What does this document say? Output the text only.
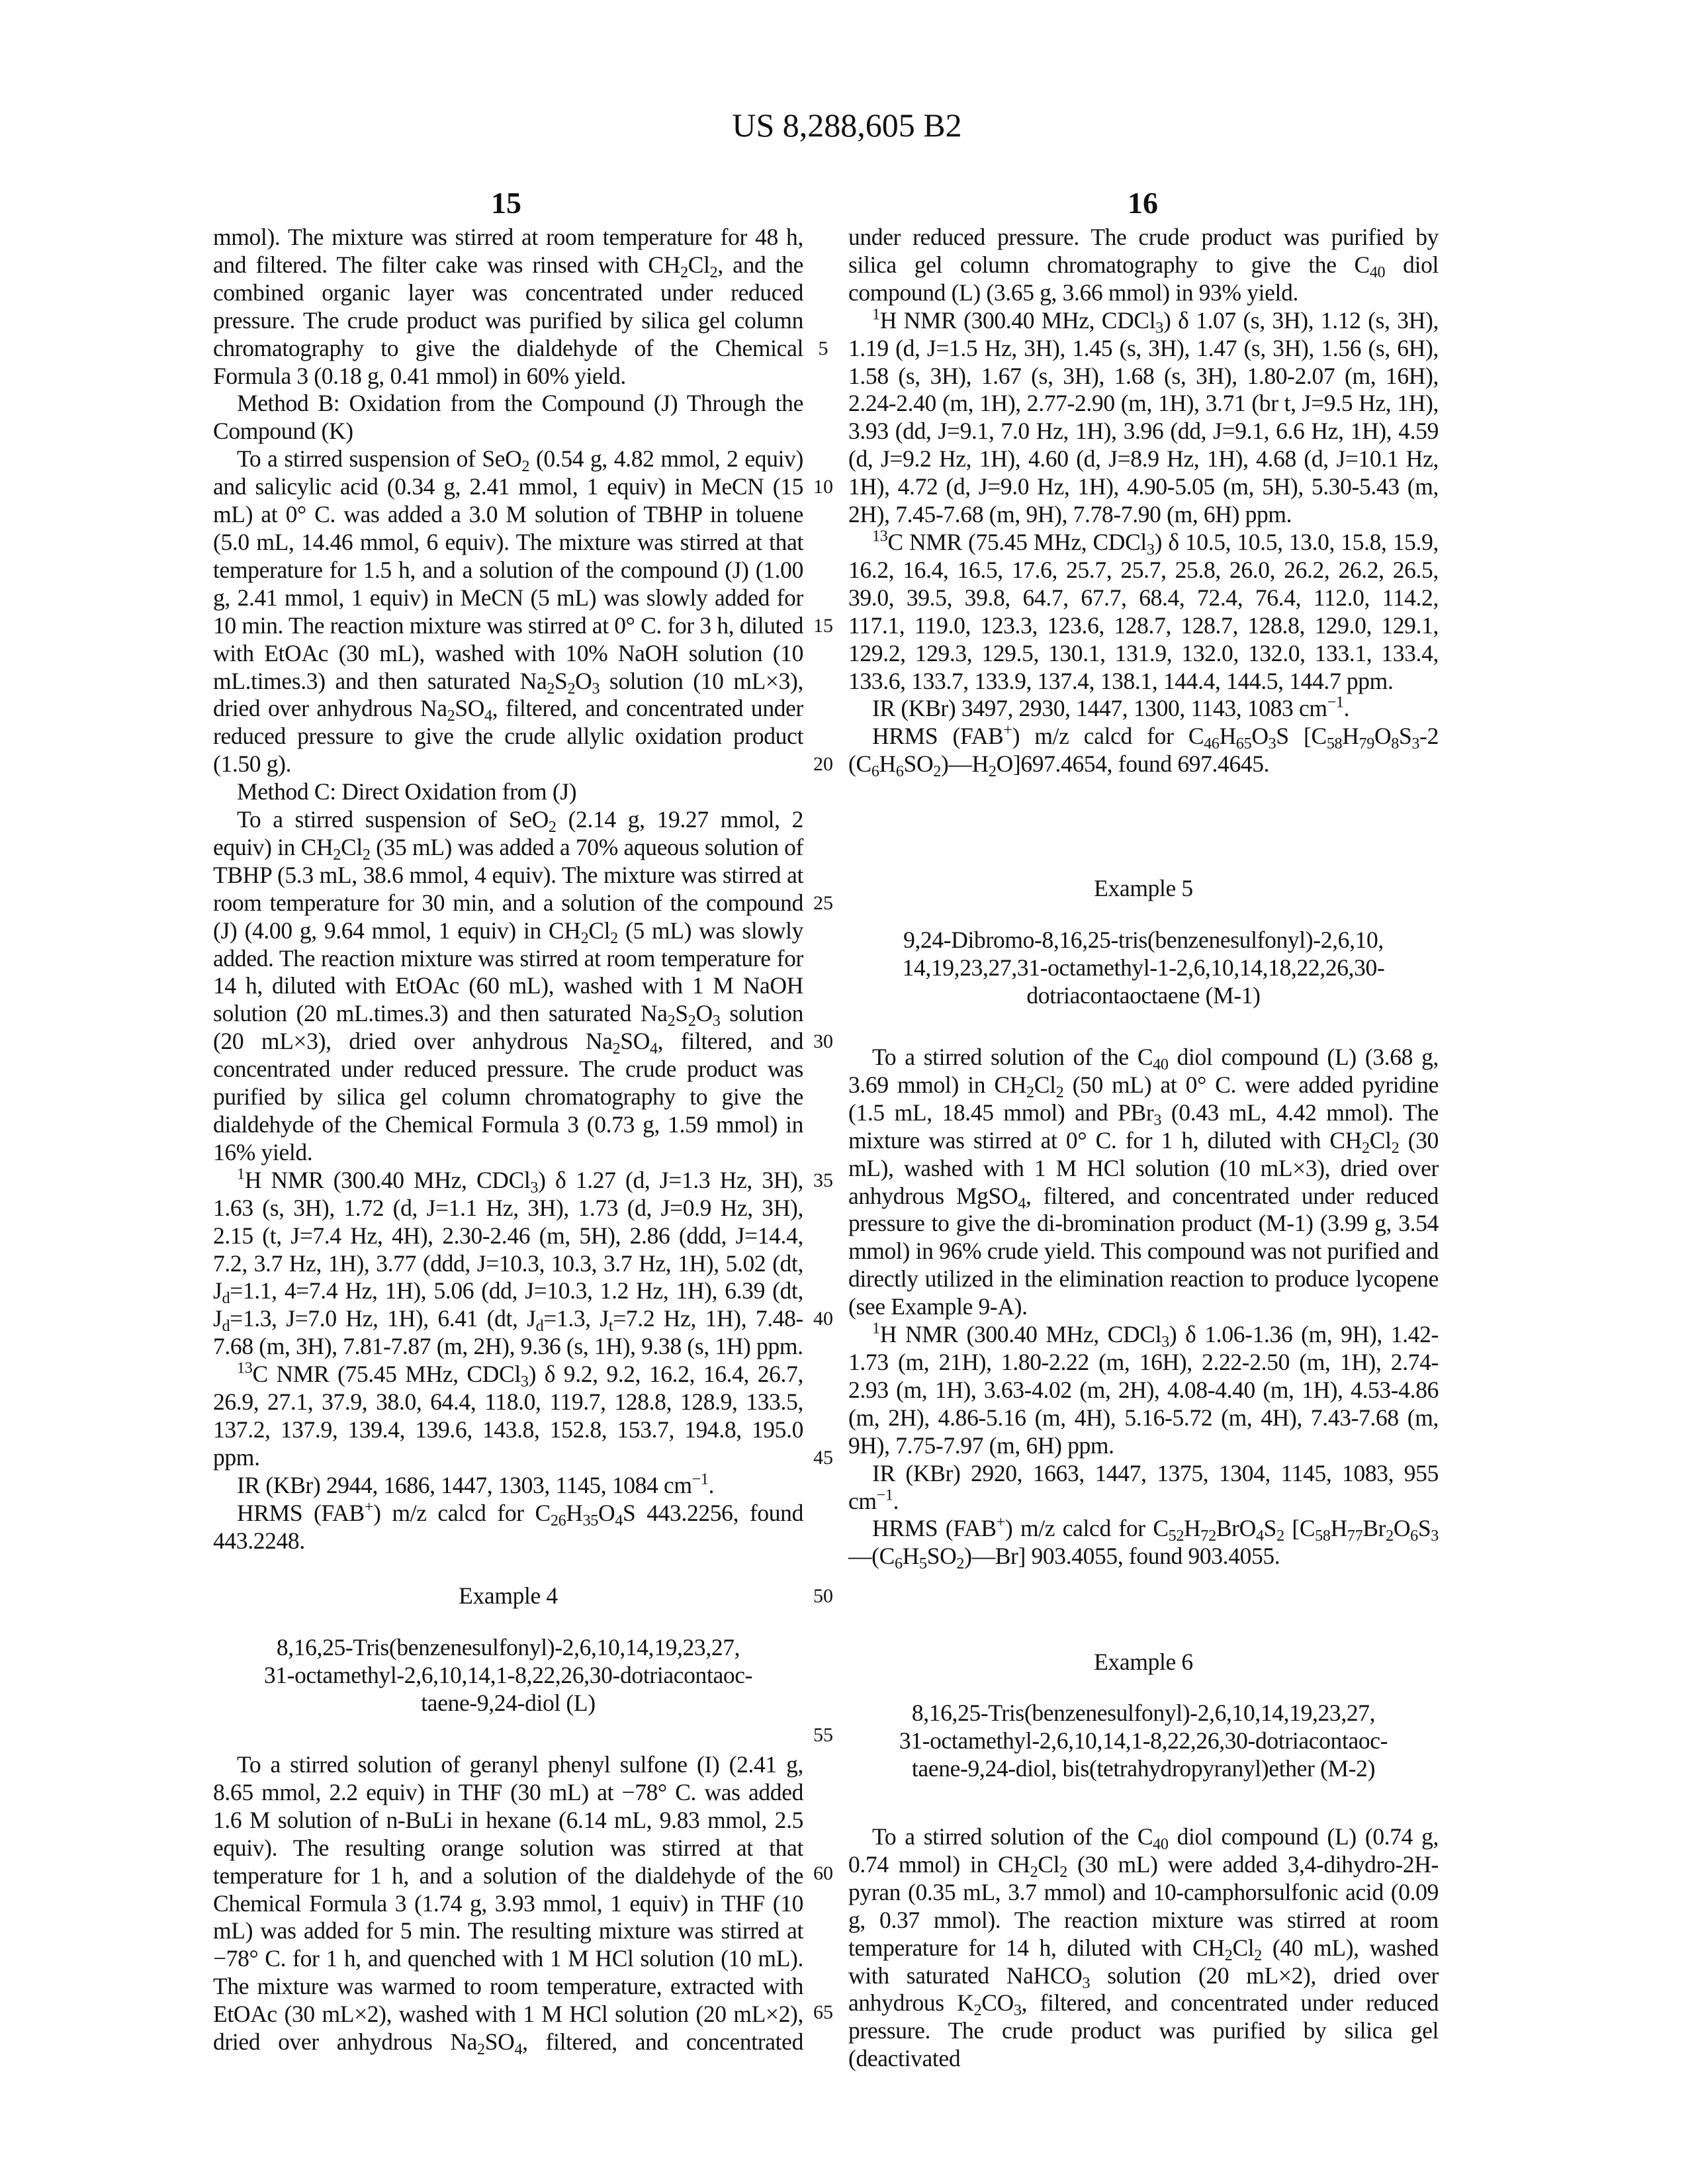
US 8,288,605 B2
15	16
5
10
15
20
25
30
35
40
45
50
55
60
65

mmol). The mixture was stirred at room temperature for 48 h, and filtered. The filter cake was rinsed with CH2Cl2, and the combined organic layer was concentrated under reduced pressure. The crude product was purified by silica gel column chromatography to give the dialdehyde of the Chemical Formula 3 (0.18 g, 0.41 mmol) in 60% yield.

Method B: Oxidation from the Compound (J) Through the Compound (K)

To a stirred suspension of SeO2 (0.54 g, 4.82 mmol, 2 equiv) and salicylic acid (0.34 g, 2.41 mmol, 1 equiv) in MeCN (15 mL) at 0° C. was added a 3.0 M solution of TBHP in toluene (5.0 mL, 14.46 mmol, 6 equiv). The mixture was stirred at that temperature for 1.5 h, and a solution of the compound (J) (1.00 g, 2.41 mmol, 1 equiv) in MeCN (5 mL) was slowly added for 10 min. The reaction mixture was stirred at 0° C. for 3 h, diluted with EtOAc (30 mL), washed with 10% NaOH solution (10 mL.times.3) and then saturated Na2S2O3 solution (10 mL×3), dried over anhydrous Na2SO4, filtered, and concentrated under reduced pressure to give the crude allylic oxidation product (1.50 g).

Method C: Direct Oxidation from (J)

To a stirred suspension of SeO2 (2.14 g, 19.27 mmol, 2 equiv) in CH2Cl2 (35 mL) was added a 70% aqueous solution of TBHP (5.3 mL, 38.6 mmol, 4 equiv). The mixture was stirred at room temperature for 30 min, and a solution of the compound (J) (4.00 g, 9.64 mmol, 1 equiv) in CH2Cl2 (5 mL) was slowly added. The reaction mixture was stirred at room temperature for 14 h, diluted with EtOAc (60 mL), washed with 1 M NaOH solution (20 mL.times.3) and then saturated Na2S2O3 solution (20 mL×3), dried over anhydrous Na2SO4, filtered, and concentrated under reduced pressure. The crude product was purified by silica gel column chromatography to give the dialdehyde of the Chemical Formula 3 (0.73 g, 1.59 mmol) in 16% yield.

1H NMR (300.40 MHz, CDCl3) δ 1.27 (d, J=1.3 Hz, 3H), 1.63 (s, 3H), 1.72 (d, J=1.1 Hz, 3H), 1.73 (d, J=0.9 Hz, 3H), 2.15 (t, J=7.4 Hz, 4H), 2.30-2.46 (m, 5H), 2.86 (ddd, J=14.4, 7.2, 3.7 Hz, 1H), 3.77 (ddd, J=10.3, 10.3, 3.7 Hz, 1H), 5.02 (dt, Jd=1.1, 4=7.4 Hz, 1H), 5.06 (dd, J=10.3, 1.2 Hz, 1H), 6.39 (dt, Jd=1.3, J=7.0 Hz, 1H), 6.41 (dt, Jd=1.3, Jt=7.2 Hz, 1H), 7.48-7.68 (m, 3H), 7.81-7.87 (m, 2H), 9.36 (s, 1H), 9.38 (s, 1H) ppm.

13C NMR (75.45 MHz, CDCl3) δ 9.2, 9.2, 16.2, 16.4, 26.7, 26.9, 27.1, 37.9, 38.0, 64.4, 118.0, 119.7, 128.8, 128.9, 133.5, 137.2, 137.9, 139.4, 139.6, 143.8, 152.8, 153.7, 194.8, 195.0 ppm.

IR (KBr) 2944, 1686, 1447, 1303, 1145, 1084 cm−1.

HRMS (FAB+) m/z calcd for C26H35O4S 443.2256, found 443.2248.

Example 4
8,16,25-Tris(benzenesulfonyl)-2,6,10,14,19,23,27,
31-octamethyl-2,6,10,14,1-8,22,26,30-dotriacontaoc-
taene-9,24-diol (L)

To a stirred solution of geranyl phenyl sulfone (I) (2.41 g, 8.65 mmol, 2.2 equiv) in THF (30 mL) at −78° C. was added 1.6 M solution of n-BuLi in hexane (6.14 mL, 9.83 mmol, 2.5 equiv). The resulting orange solution was stirred at that temperature for 1 h, and a solution of the dialdehyde of the Chemical Formula 3 (1.74 g, 3.93 mmol, 1 equiv) in THF (10 mL) was added for 5 min. The resulting mixture was stirred at −78° C. for 1 h, and quenched with 1 M HCl solution (10 mL). The mixture was warmed to room temperature, extracted with EtOAc (30 mL×2), washed with 1 M HCl solution (20 mL×2), dried over anhydrous Na2SO4, filtered, and concentrated

under reduced pressure. The crude product was purified by silica gel column chromatography to give the C40 diol compound (L) (3.65 g, 3.66 mmol) in 93% yield.

1H NMR (300.40 MHz, CDCl3) δ 1.07 (s, 3H), 1.12 (s, 3H), 1.19 (d, J=1.5 Hz, 3H), 1.45 (s, 3H), 1.47 (s, 3H), 1.56 (s, 6H), 1.58 (s, 3H), 1.67 (s, 3H), 1.68 (s, 3H), 1.80-2.07 (m, 16H), 2.24-2.40 (m, 1H), 2.77-2.90 (m, 1H), 3.71 (br t, J=9.5 Hz, 1H), 3.93 (dd, J=9.1, 7.0 Hz, 1H), 3.96 (dd, J=9.1, 6.6 Hz, 1H), 4.59 (d, J=9.2 Hz, 1H), 4.60 (d, J=8.9 Hz, 1H), 4.68 (d, J=10.1 Hz, 1H), 4.72 (d, J=9.0 Hz, 1H), 4.90-5.05 (m, 5H), 5.30-5.43 (m, 2H), 7.45-7.68 (m, 9H), 7.78-7.90 (m, 6H) ppm.

13C NMR (75.45 MHz, CDCl3) δ 10.5, 10.5, 13.0, 15.8, 15.9, 16.2, 16.4, 16.5, 17.6, 25.7, 25.7, 25.8, 26.0, 26.2, 26.2, 26.5, 39.0, 39.5, 39.8, 64.7, 67.7, 68.4, 72.4, 76.4, 112.0, 114.2, 117.1, 119.0, 123.3, 123.6, 128.7, 128.7, 128.8, 129.0, 129.1, 129.2, 129.3, 129.5, 130.1, 131.9, 132.0, 132.0, 133.1, 133.4, 133.6, 133.7, 133.9, 137.4, 138.1, 144.4, 144.5, 144.7 ppm.

IR (KBr) 3497, 2930, 1447, 1300, 1143, 1083 cm−1.

HRMS (FAB+) m/z calcd for C46H65O3S [C58H79O8S3-2 (C6H6SO2)—H2O]697.4654, found 697.4645.

Example 5
9,24-Dibromo-8,16,25-tris(benzenesulfonyl)-2,6,10,
14,19,23,27,31-octamethyl-1-2,6,10,14,18,22,26,30-
dotriacontaoctaene (M-1)

To a stirred solution of the C40 diol compound (L) (3.68 g, 3.69 mmol) in CH2Cl2 (50 mL) at 0° C. were added pyridine (1.5 mL, 18.45 mmol) and PBr3 (0.43 mL, 4.42 mmol). The mixture was stirred at 0° C. for 1 h, diluted with CH2Cl2 (30 mL), washed with 1 M HCl solution (10 mL×3), dried over anhydrous MgSO4, filtered, and concentrated under reduced pressure to give the di-bromination product (M-1) (3.99 g, 3.54 mmol) in 96% crude yield. This compound was not purified and directly utilized in the elimination reaction to produce lycopene (see Example 9-A).

1H NMR (300.40 MHz, CDCl3) δ 1.06-1.36 (m, 9H), 1.42-1.73 (m, 21H), 1.80-2.22 (m, 16H), 2.22-2.50 (m, 1H), 2.74-2.93 (m, 1H), 3.63-4.02 (m, 2H), 4.08-4.40 (m, 1H), 4.53-4.86 (m, 2H), 4.86-5.16 (m, 4H), 5.16-5.72 (m, 4H), 7.43-7.68 (m, 9H), 7.75-7.97 (m, 6H) ppm.

IR (KBr) 2920, 1663, 1447, 1375, 1304, 1145, 1083, 955 cm−1.

HRMS (FAB+) m/z calcd for C52H72BrO4S2 [C58H77Br2O6S3—(C6H5SO2)—Br] 903.4055, found 903.4055.

Example 6
8,16,25-Tris(benzenesulfonyl)-2,6,10,14,19,23,27,
31-octamethyl-2,6,10,14,1-8,22,26,30-dotriacontaoc-
taene-9,24-diol, bis(tetrahydropyranyl)ether (M-2)

To a stirred solution of the C40 diol compound (L) (0.74 g, 0.74 mmol) in CH2Cl2 (30 mL) were added 3,4-dihydro-2H-pyran (0.35 mL, 3.7 mmol) and 10-camphorsulfonic acid (0.09 g, 0.37 mmol). The reaction mixture was stirred at room temperature for 14 h, diluted with CH2Cl2 (40 mL), washed with saturated NaHCO3 solution (20 mL×2), dried over anhydrous K2CO3, filtered, and concentrated under reduced pressure. The crude product was purified by silica gel (deactivated
